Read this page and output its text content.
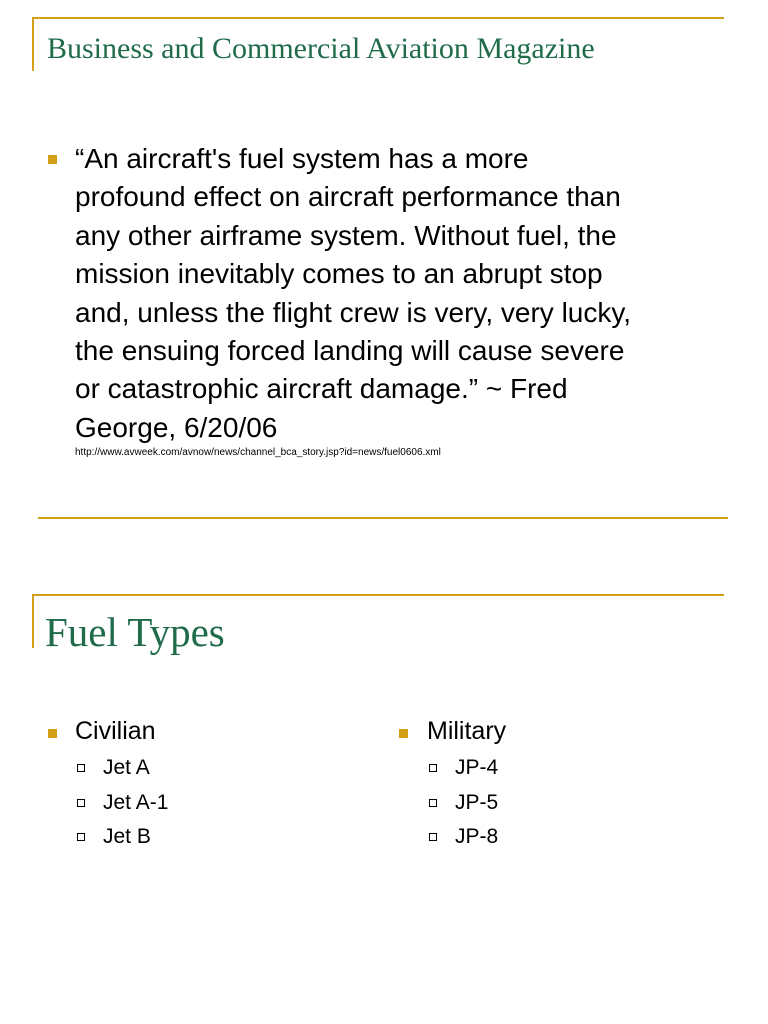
Business and Commercial Aviation Magazine

“An aircraft's fuel system has a more

profound effect on aircraft performance than

any other airframe system. Without fuel, the

mission inevitably comes to an abrupt stop

and, unless the flight crew is very, very lucky,

the ensuing forced landing will cause severe

or catastrophic aircraft damage.” ~ Fred

George, 6/20/06

http://www.avweek.com/avnow/news/channel_bca_story.jsp?id=news/fuel0606.xml
Fuel Types
Civilian
Jet A
Jet A-1
Jet B
Military
JP-4
JP-5
JP-8
